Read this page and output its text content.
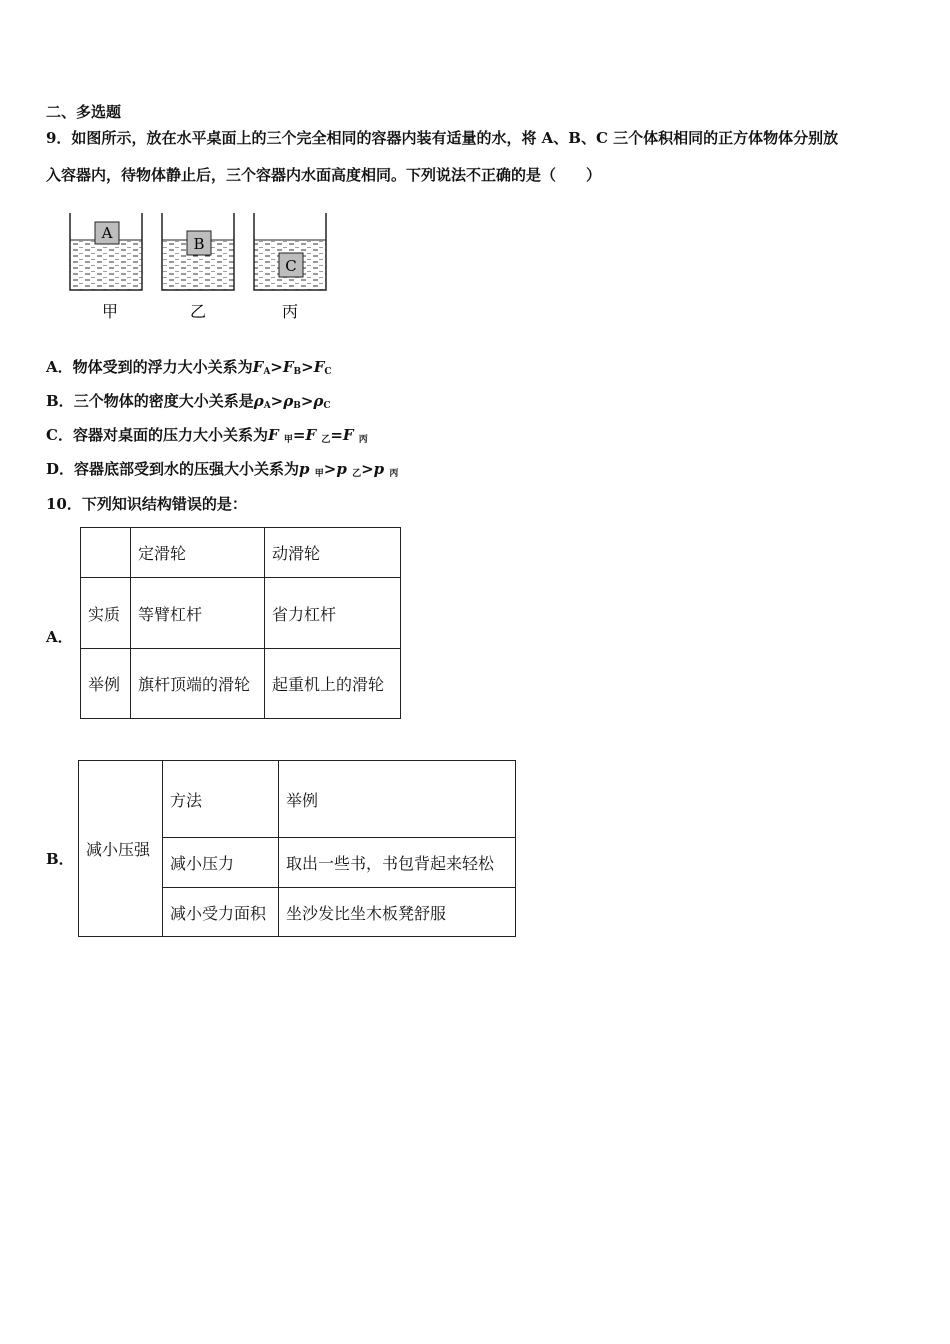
二、多选题
9．如图所示，放在水平桌面上的三个完全相同的容器内装有适量的水，将 A、B、C 三个体积相同的正方体物体分别放
入容器内，待物体静止后，三个容器内水面高度相同。下列说法不正确的是（　　）
A
B
C
甲	乙	丙
A．物体受到的浮力大小关系为$F_A>F_B>F_C$
B．三个物体的密度大小关系是$\rho_A>\rho_B>\rho_C$
C．容器对桌面的压力大小关系为F $_甲$=F $_乙$=F $_丙$
D．容器底部受到水的压强大小关系为p $_甲$>p $_乙$>p $_丙$
10．下列知识结构错误的是：
A．
	定滑轮	动滑轮
实质	等臂杠杆	省力杠杆
举例	旗杆顶端的滑轮	起重机上的滑轮
B． 减小压强	方法	举例
	减小压力	取出一些书，书包背起来轻松
	减小受力面积	坐沙发比坐木板凳舒服
